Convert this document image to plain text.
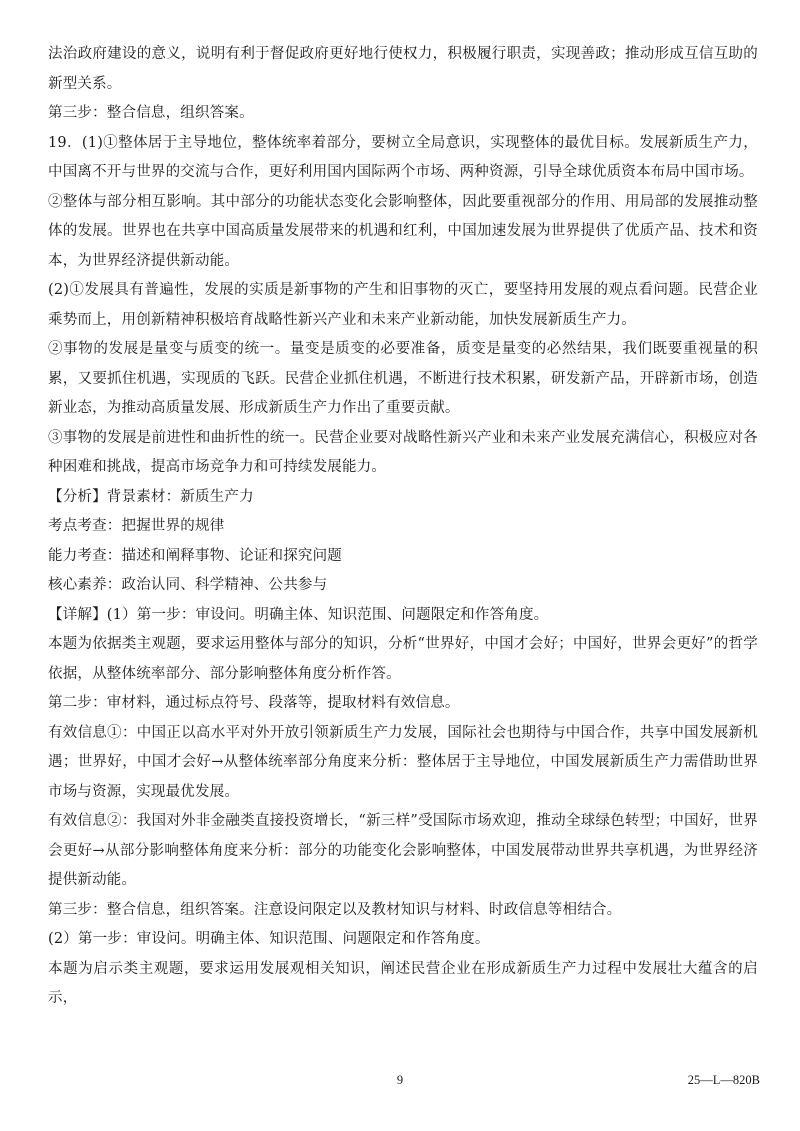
法治政府建设的意义，说明有利于督促政府更好地行使权力，积极履行职责，实现善政；推动形成互信互助的新型关系。

第三步：整合信息，组织答案。

19．(1)①整体居于主导地位，整体统率着部分，要树立全局意识，实现整体的最优目标。发展新质生产力，中国离不开与世界的交流与合作，更好利用国内国际两个市场、两种资源，引导全球优质资本布局中国市场。

②整体与部分相互影响。其中部分的功能状态变化会影响整体，因此要重视部分的作用、用局部的发展推动整体的发展。世界也在共享中国高质量发展带来的机遇和红利，中国加速发展为世界提供了优质产品、技术和资本，为世界经济提供新动能。

(2)①发展具有普遍性，发展的实质是新事物的产生和旧事物的灭亡，要坚持用发展的观点看问题。民营企业乘势而上，用创新精神积极培育战略性新兴产业和未来产业新动能，加快发展新质生产力。

②事物的发展是量变与质变的统一。量变是质变的必要准备，质变是量变的必然结果，我们既要重视量的积累，又要抓住机遇，实现质的飞跃。民营企业抓住机遇，不断进行技术积累，研发新产品，开辟新市场，创造新业态，为推动高质量发展、形成新质生产力作出了重要贡献。

③事物的发展是前进性和曲折性的统一。民营企业要对战略性新兴产业和未来产业发展充满信心，积极应对各种困难和挑战，提高市场竞争力和可持续发展能力。

【分析】背景素材：新质生产力

考点考查：把握世界的规律

能力考查：描述和阐释事物、论证和探究问题

核心素养：政治认同、科学精神、公共参与

【详解】(1）第一步：审设问。明确主体、知识范围、问题限定和作答角度。

本题为依据类主观题，要求运用整体与部分的知识，分析“世界好，中国才会好；中国好，世界会更好”的哲学依据，从整体统率部分、部分影响整体角度分析作答。

第二步：审材料，通过标点符号、段落等，提取材料有效信息。

有效信息①：中国正以高水平对外开放引领新质生产力发展，国际社会也期待与中国合作，共享中国发展新机遇；世界好，中国才会好→从整体统率部分角度来分析：整体居于主导地位，中国发展新质生产力需借助世界市场与资源，实现最优发展。

有效信息②：我国对外非金融类直接投资增长，“新三样”受国际市场欢迎，推动全球绿色转型；中国好，世界会更好→从部分影响整体角度来分析：部分的功能变化会影响整体，中国发展带动世界共享机遇，为世界经济提供新动能。

第三步：整合信息，组织答案。注意设问限定以及教材知识与材料、时政信息等相结合。

(2）第一步：审设问。明确主体、知识范围、问题限定和作答角度。

本题为启示类主观题，要求运用发展观相关知识，阐述民营企业在形成新质生产力过程中发展壮大蕴含的启示，

9	25—L—820B
